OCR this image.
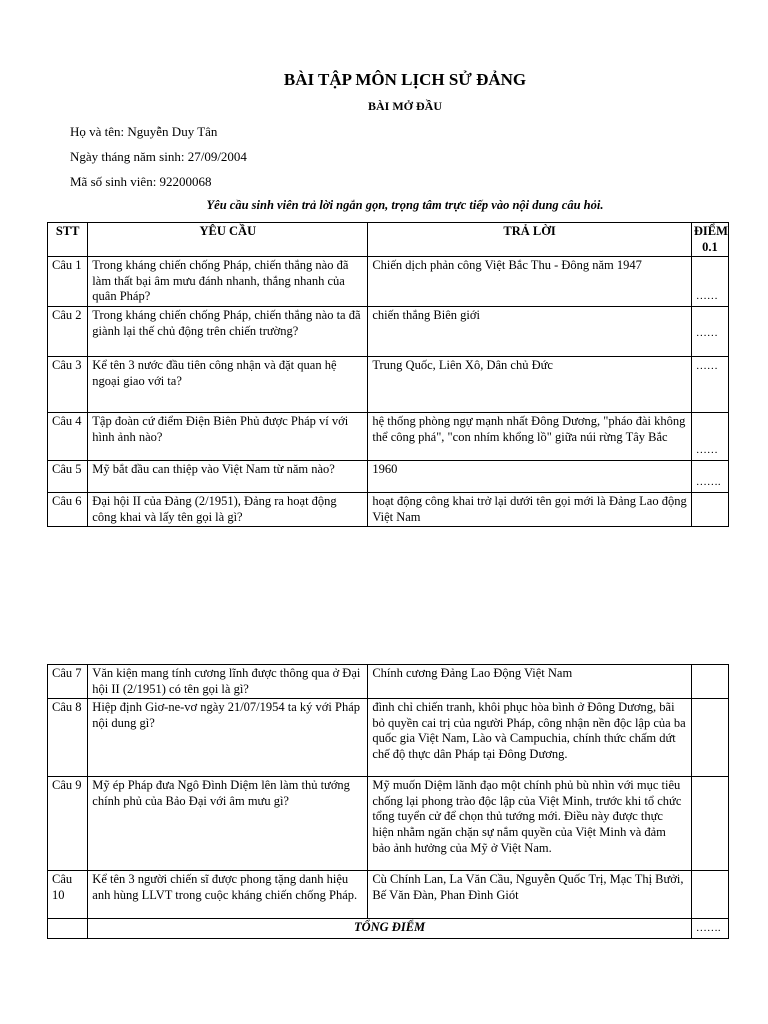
BÀI TẬP MÔN LỊCH SỬ ĐẢNG
BÀI MỞ ĐẦU
Họ và tên: Nguyễn Duy Tân
Ngày tháng năm sinh: 27/09/2004
Mã số sinh viên: 92200068
Yêu cầu sinh viên trả lời ngắn gọn, trọng tâm trực tiếp vào nội dung câu hỏi.
STT	YÊU CẦU	TRẢ LỜI	ĐIỂM 0.1
Câu 1	Trong kháng chiến chống Pháp, chiến thắng nào đã làm thất bại âm mưu đánh nhanh, thắng nhanh của quân Pháp?	Chiến dịch phản công Việt Bắc Thu - Đông năm 1947	……

Câu 2	Trong kháng chiến chống Pháp, chiến thắng nào ta đã giành lại thế chủ động trên chiến trường?	chiến thắng Biên giới	……

Câu 3	Kể tên 3 nước đầu tiên công nhận và đặt quan hệ ngoại giao với ta?	Trung Quốc, Liên Xô, Dân chủ Đức	……
Câu 4	Tập đoàn cứ điểm Điện Biên Phủ được Pháp ví với hình ảnh nào?	hệ thống phòng ngự mạnh nhất Đông Dương, "pháo đài không thể công phá", "con nhím khổng lồ" giữa núi rừng Tây Bắc	……

Câu 5	Mỹ bắt đầu can thiệp vào Việt Nam từ năm nào?	1960	…….

Câu 6	Đại hội II của Đảng (2/1951), Đảng ra hoạt động công khai và lấy tên gọi là gì?	hoạt động công khai trở lại dưới tên gọi mới là Đảng Lao động Việt Nam	
Câu 7	Văn kiện mang tính cương lĩnh được thông qua ở Đại hội II (2/1951) có tên gọi là gì?	Chính cương Đảng Lao Động Việt Nam	
Câu 8	Hiệp định Giơ-ne-vơ ngày 21/07/1954 ta ký với Pháp nội dung gì?	đình chỉ chiến tranh, khôi phục hòa bình ở Đông Dương, bãi bỏ quyền cai trị của người Pháp, công nhận nền độc lập của ba quốc gia Việt Nam, Lào và Campuchia, chính thức chấm dứt chế độ thực dân Pháp tại Đông Dương.	
Câu 9	Mỹ ép Pháp đưa Ngô Đình Diệm lên làm thủ tướng chính phủ của Bảo Đại với âm mưu gì?	Mỹ muốn Diệm lãnh đạo một chính phủ bù nhìn với mục tiêu chống lại phong trào độc lập của Việt Minh, trước khi tổ chức tổng tuyển cử để chọn thủ tướng mới. Điều này được thực hiện nhằm ngăn chặn sự nắm quyền của Việt Minh và đảm bảo ảnh hưởng của Mỹ ở Việt Nam.	
Câu 10	Kể tên 3 người chiến sĩ được phong tặng danh hiệu anh hùng LLVT trong cuộc kháng chiến chống Pháp.	Cù Chính Lan, La Văn Cầu, Nguyễn Quốc Trị, Mạc Thị Bưởi, Bế Văn Đàn, Phan Đình Giót	
	TỔNG ĐIỂM		…….
